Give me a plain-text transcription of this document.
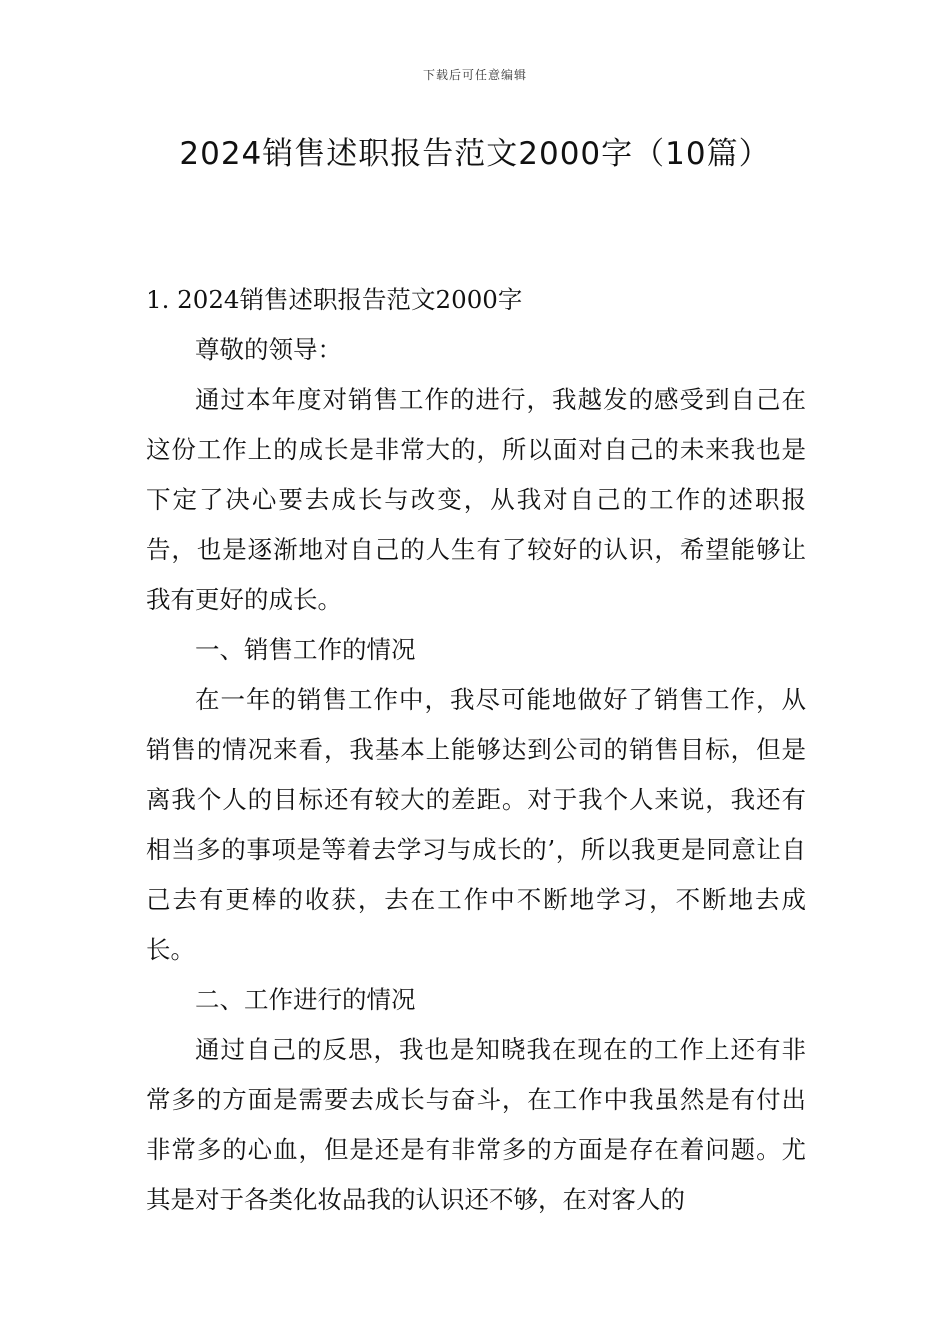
下载后可任意编辑
2024销售述职报告范文2000字（10篇）

1. 2024销售述职报告范文2000字

尊敬的领导：

通过本年度对销售工作的进行，我越发的感受到自己在这份工作上的成长是非常大的，所以面对自己的未来我也是下定了决心要去成长与改变，从我对自己的工作的述职报告，也是逐渐地对自己的人生有了较好的认识，希望能够让我有更好的成长。

一、销售工作的情况

在一年的销售工作中，我尽可能地做好了销售工作，从销售的情况来看，我基本上能够达到公司的销售目标，但是离我个人的目标还有较大的差距。对于我个人来说，我还有相当多的事项是等着去学习与成长的’，所以我更是同意让自己去有更棒的收获，去在工作中不断地学习，不断地去成长。

二、工作进行的情况

通过自己的反思，我也是知晓我在现在的工作上还有非常多的方面是需要去成长与奋斗，在工作中我虽然是有付出非常多的心血，但是还是有非常多的方面是存在着问题。尤其是对于各类化妆品我的认识还不够，在对客人的
